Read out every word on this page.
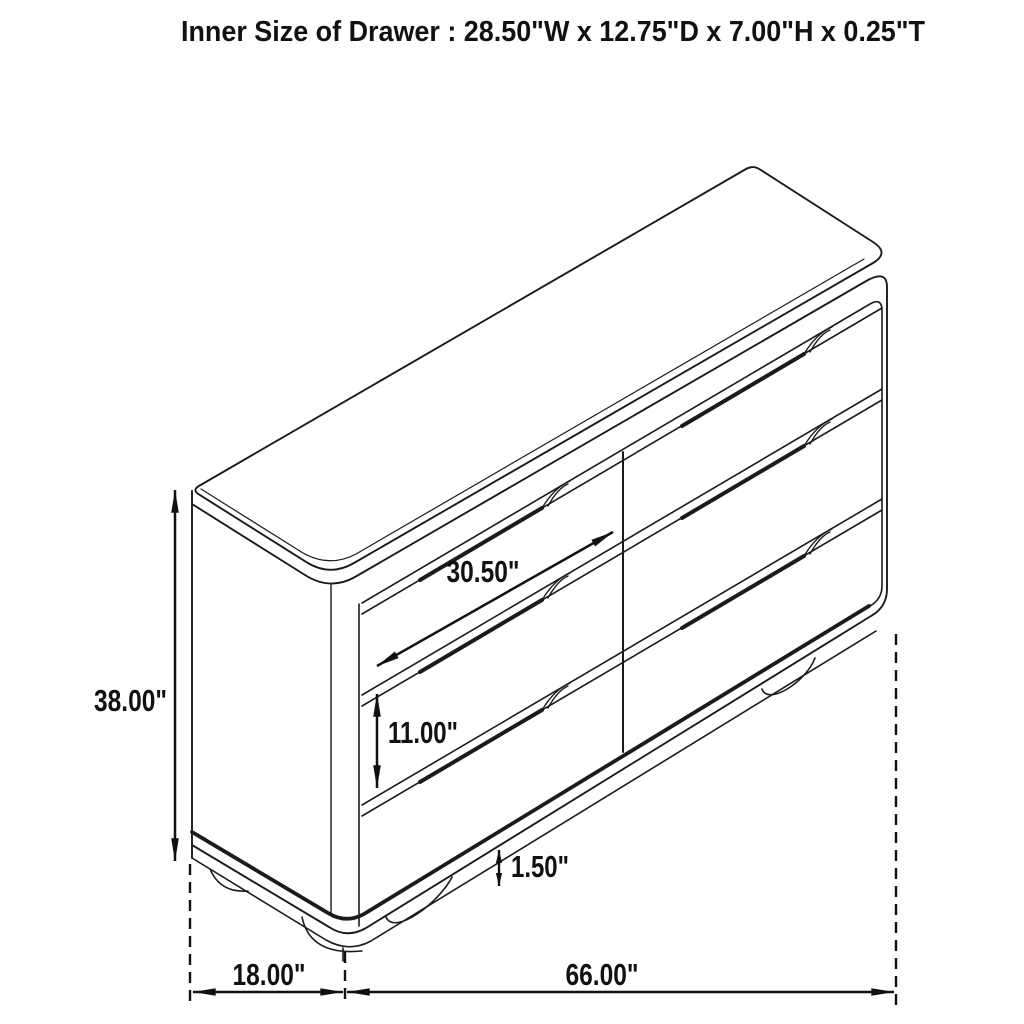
38.00"
30.50"
11.00"
1.50"
18.00"	66.00"
Inner Size of Drawer : 28.50"W x 12.75"D x 7.00"H x 0.25"T
